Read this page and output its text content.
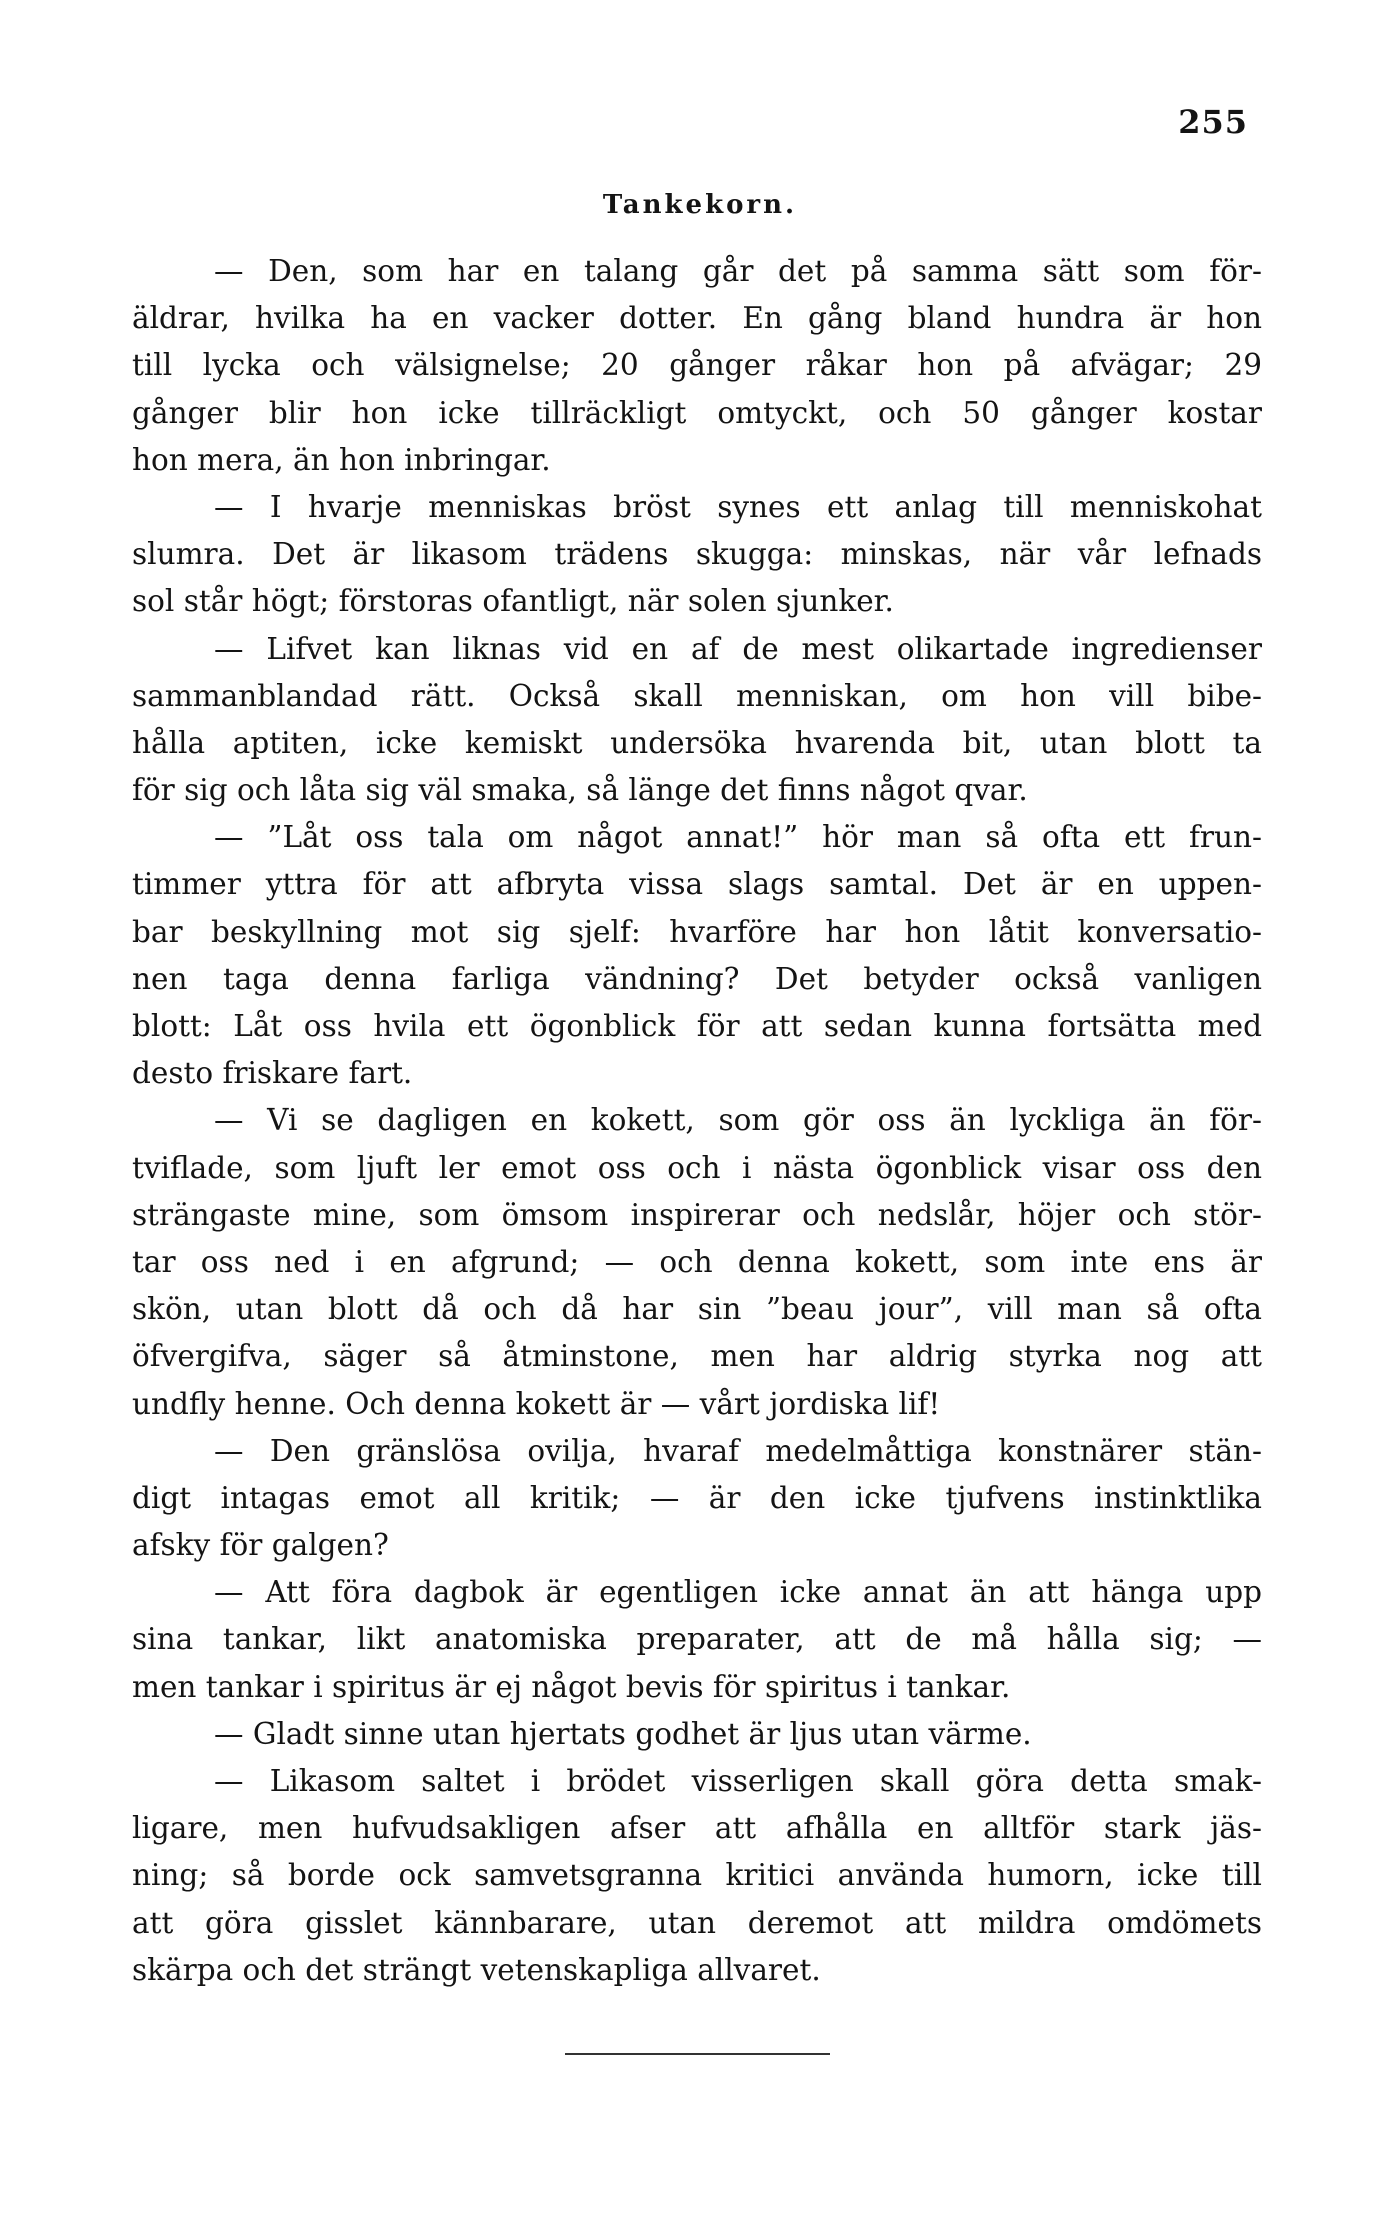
255
Tankekorn.
— Den, som har en talang går det på samma sätt som för-
äldrar, hvilka ha en vacker dotter. En gång bland hundra är hon
till lycka och välsignelse; 20 gånger råkar hon på afvägar; 29
gånger blir hon icke tillräckligt omtyckt, och 50 gånger kostar
hon mera, än hon inbringar.
— I hvarje menniskas bröst synes ett anlag till menniskohat
slumra. Det är likasom trädens skugga: minskas, när vår lefnads
sol står högt; förstoras ofantligt, när solen sjunker.
— Lifvet kan liknas vid en af de mest olikartade ingredienser
sammanblandad rätt. Också skall menniskan, om hon vill bibe-
hålla aptiten, icke kemiskt undersöka hvarenda bit, utan blott ta
för sig och låta sig väl smaka, så länge det finns något qvar.
— ”Låt oss tala om något annat!” hör man så ofta ett frun-
timmer yttra för att afbryta vissa slags samtal. Det är en uppen-
bar beskyllning mot sig sjelf: hvarföre har hon låtit konversatio-
nen taga denna farliga vändning? Det betyder också vanligen
blott: Låt oss hvila ett ögonblick för att sedan kunna fortsätta med
desto friskare fart.
— Vi se dagligen en kokett, som gör oss än lyckliga än för-
tviflade, som ljuft ler emot oss och i nästa ögonblick visar oss den
strängaste mine, som ömsom inspirerar och nedslår, höjer och stör-
tar oss ned i en afgrund; — och denna kokett, som inte ens är
skön, utan blott då och då har sin ”beau jour”, vill man så ofta
öfvergifva, säger så åtminstone, men har aldrig styrka nog att
undfly henne. Och denna kokett är — vårt jordiska lif!
— Den gränslösa ovilja, hvaraf medelmåttiga konstnärer stän-
digt intagas emot all kritik; — är den icke tjufvens instinktlika
afsky för galgen?
— Att föra dagbok är egentligen icke annat än att hänga upp
sina tankar, likt anatomiska preparater, att de må hålla sig; —
men tankar i spiritus är ej något bevis för spiritus i tankar.
— Gladt sinne utan hjertats godhet är ljus utan värme.
— Likasom saltet i brödet visserligen skall göra detta smak-
ligare, men hufvudsakligen afser att afhålla en alltför stark jäs-
ning; så borde ock samvetsgranna kritici använda humorn, icke till
att göra gisslet kännbarare, utan deremot att mildra omdömets
skärpa och det strängt vetenskapliga allvaret.
